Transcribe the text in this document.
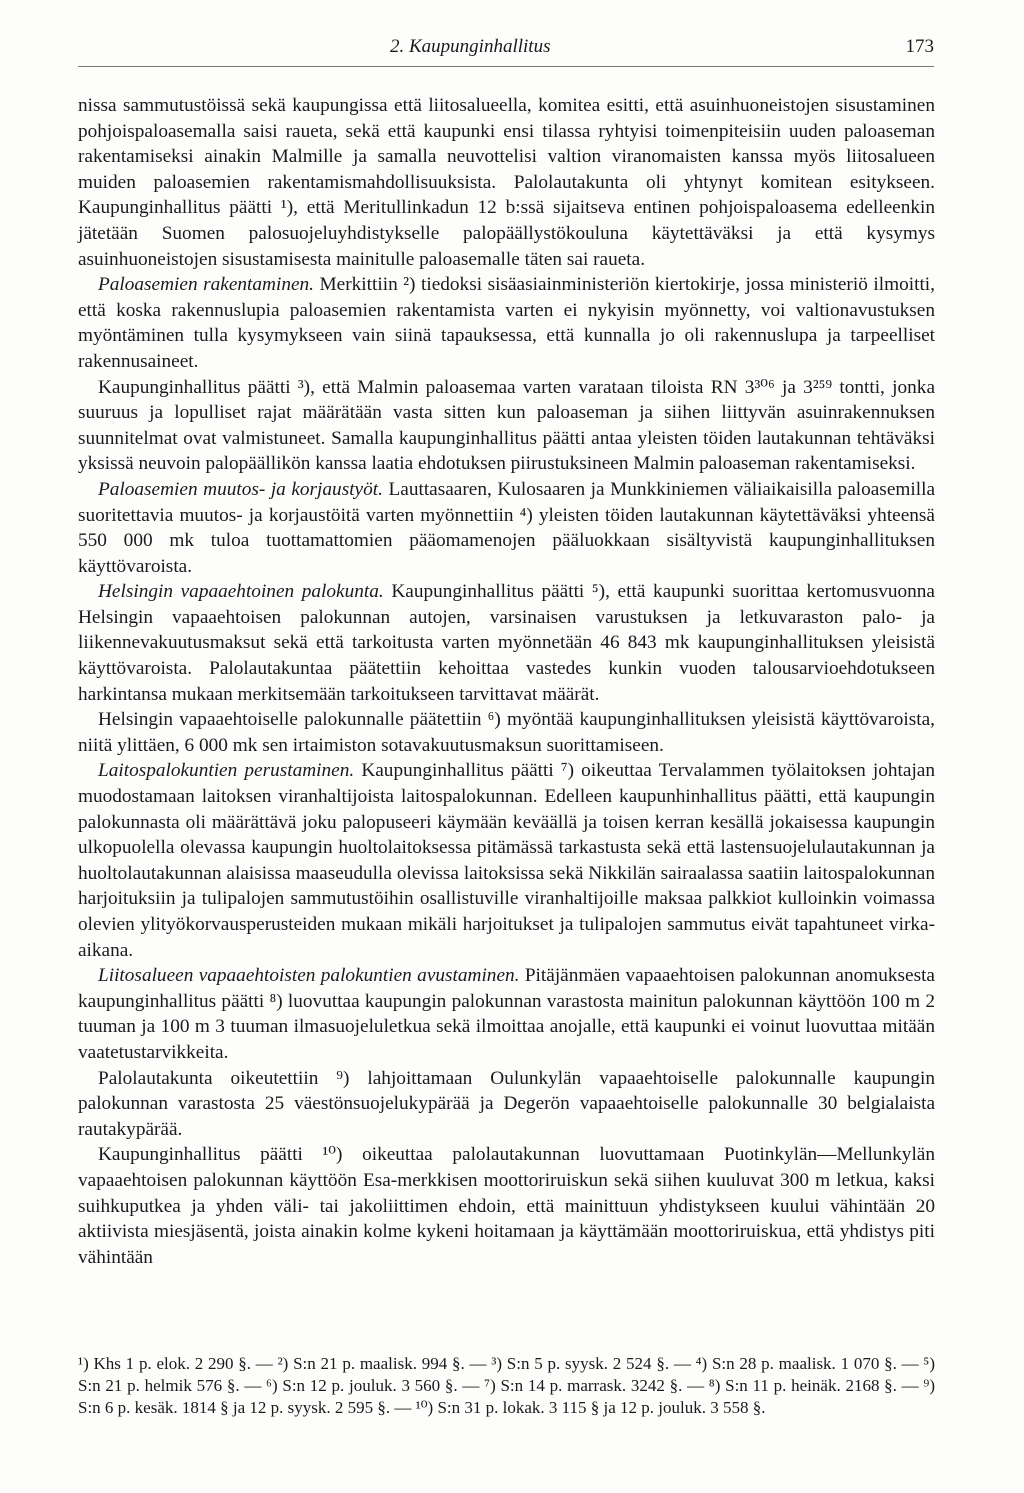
2. Kaupunginhallitus	173

nissa sammutustöissä sekä kaupungissa että liitosalueella, komitea esitti, että asuinhuoneistojen sisustaminen pohjoispaloasemalla saisi raueta, sekä että kaupunki ensi tilassa ryhtyisi toimenpiteisiin uuden paloaseman rakentamiseksi ainakin Malmille ja samalla neuvottelisi valtion viranomaisten kanssa myös liitosalueen muiden paloasemien rakentamismahdollisuuksista. Palolautakunta oli yhtynyt komitean esitykseen. Kaupunginhallitus päätti ¹), että Meritullinkadun 12 b:ssä sijaitseva entinen pohjoispaloasema edelleenkin jätetään Suomen palosuojeluyhdistykselle palopäällystökouluna käytettäväksi ja että kysymys asuinhuoneistojen sisustamisesta mainitulle paloasemalle täten sai raueta.

Paloasemien rakentaminen. Merkittiin ²) tiedoksi sisäasiainministeriön kiertokirje, jossa ministeriö ilmoitti, että koska rakennuslupia paloasemien rakentamista varten ei nykyisin myönnetty, voi valtionavustuksen myöntäminen tulla kysymykseen vain siinä tapauksessa, että kunnalla jo oli rakennuslupa ja tarpeelliset rakennusaineet.

Kaupunginhallitus päätti ³), että Malmin paloasemaa varten varataan tiloista RN 3³⁰⁶ ja 3²⁵⁹ tontti, jonka suuruus ja lopulliset rajat määrätään vasta sitten kun paloaseman ja siihen liittyvän asuinrakennuksen suunnitelmat ovat valmistuneet. Samalla kaupunginhallitus päätti antaa yleisten töiden lautakunnan tehtäväksi yksissä neuvoin palopäällikön kanssa laatia ehdotuksen piirustuksineen Malmin paloaseman rakentamiseksi.

Paloasemien muutos- ja korjaustyöt. Lauttasaaren, Kulosaaren ja Munkkiniemen väliaikaisilla paloasemilla suoritettavia muutos- ja korjaustöitä varten myönnettiin ⁴) yleisten töiden lautakunnan käytettäväksi yhteensä 550 000 mk tuloa tuottamattomien pääomamenojen pääluokkaan sisältyvistä kaupunginhallituksen käyttövaroista.

Helsingin vapaaehtoinen palokunta. Kaupunginhallitus päätti ⁵), että kaupunki suorittaa kertomusvuonna Helsingin vapaaehtoisen palokunnan autojen, varsinaisen varustuksen ja letkuvaraston palo- ja liikennevakuutusmaksut sekä että tarkoitusta varten myönnetään 46 843 mk kaupunginhallituksen yleisistä käyttövaroista. Palolautakuntaa päätettiin kehoittaa vastedes kunkin vuoden talousarvioehdotukseen harkintansa mukaan merkitsemään tarkoitukseen tarvittavat määrät.

Helsingin vapaaehtoiselle palokunnalle päätettiin ⁶) myöntää kaupunginhallituksen yleisistä käyttövaroista, niitä ylittäen, 6 000 mk sen irtaimiston sotavakuutusmaksun suorittamiseen.

Laitospalokuntien perustaminen. Kaupunginhallitus päätti ⁷) oikeuttaa Tervalammen työlaitoksen johtajan muodostamaan laitoksen viranhaltijoista laitospalokunnan. Edelleen kaupunhinhallitus päätti, että kaupungin palokunnasta oli määrättävä joku palopuseeri käymään keväällä ja toisen kerran kesällä jokaisessa kaupungin ulkopuolella olevassa kaupungin huoltolaitoksessa pitämässä tarkastusta sekä että lastensuojelulautakunnan ja huoltolautakunnan alaisissa maaseudulla olevissa laitoksissa sekä Nikkilän sairaalassa saatiin laitospalokunnan harjoituksiin ja tulipalojen sammutustöihin osallistuville viranhaltijoille maksaa palkkiot kulloinkin voimassa olevien ylityökorvausperusteiden mukaan mikäli harjoitukset ja tulipalojen sammutus eivät tapahtuneet virka-aikana.

Liitosalueen vapaaehtoisten palokuntien avustaminen. Pitäjänmäen vapaaehtoisen palokunnan anomuksesta kaupunginhallitus päätti ⁸) luovuttaa kaupungin palokunnan varastosta mainitun palokunnan käyttöön 100 m 2 tuuman ja 100 m 3 tuuman ilmasuojeluletkua sekä ilmoittaa anojalle, että kaupunki ei voinut luovuttaa mitään vaatetustarvikkeita.

Palolautakunta oikeutettiin ⁹) lahjoittamaan Oulunkylän vapaaehtoiselle palokunnalle kaupungin palokunnan varastosta 25 väestönsuojelukypärää ja Degerön vapaaehtoiselle palokunnalle 30 belgialaista rautakypärää.

Kaupunginhallitus päätti ¹⁰) oikeuttaa palolautakunnan luovuttamaan Puotinkylän—Mellunkylän vapaaehtoisen palokunnan käyttöön Esa-merkkisen moottoriruiskun sekä siihen kuuluvat 300 m letkua, kaksi suihkuputkea ja yhden väli- tai jakoliittimen ehdoin, että mainittuun yhdistykseen kuului vähintään 20 aktiivista miesjäsentä, joista ainakin kolme kykeni hoitamaan ja käyttämään moottoriruiskua, että yhdistys piti vähintään

¹) Khs 1 p. elok. 2 290 §. — ²) S:n 21 p. maalisk. 994 §. — ³) S:n 5 p. syysk. 2 524 §. — ⁴) S:n 28 p. maalisk. 1 070 §. — ⁵) S:n 21 p. helmik 576 §. — ⁶) S:n 12 p. jouluk. 3 560 §. — ⁷) S:n 14 p. marrask. 3242 §. — ⁸) S:n 11 p. heinäk. 2168 §. — ⁹) S:n 6 p. kesäk. 1814 § ja 12 p. syysk. 2 595 §. — ¹⁰) S:n 31 p. lokak. 3 115 § ja 12 p. jouluk. 3 558 §.
